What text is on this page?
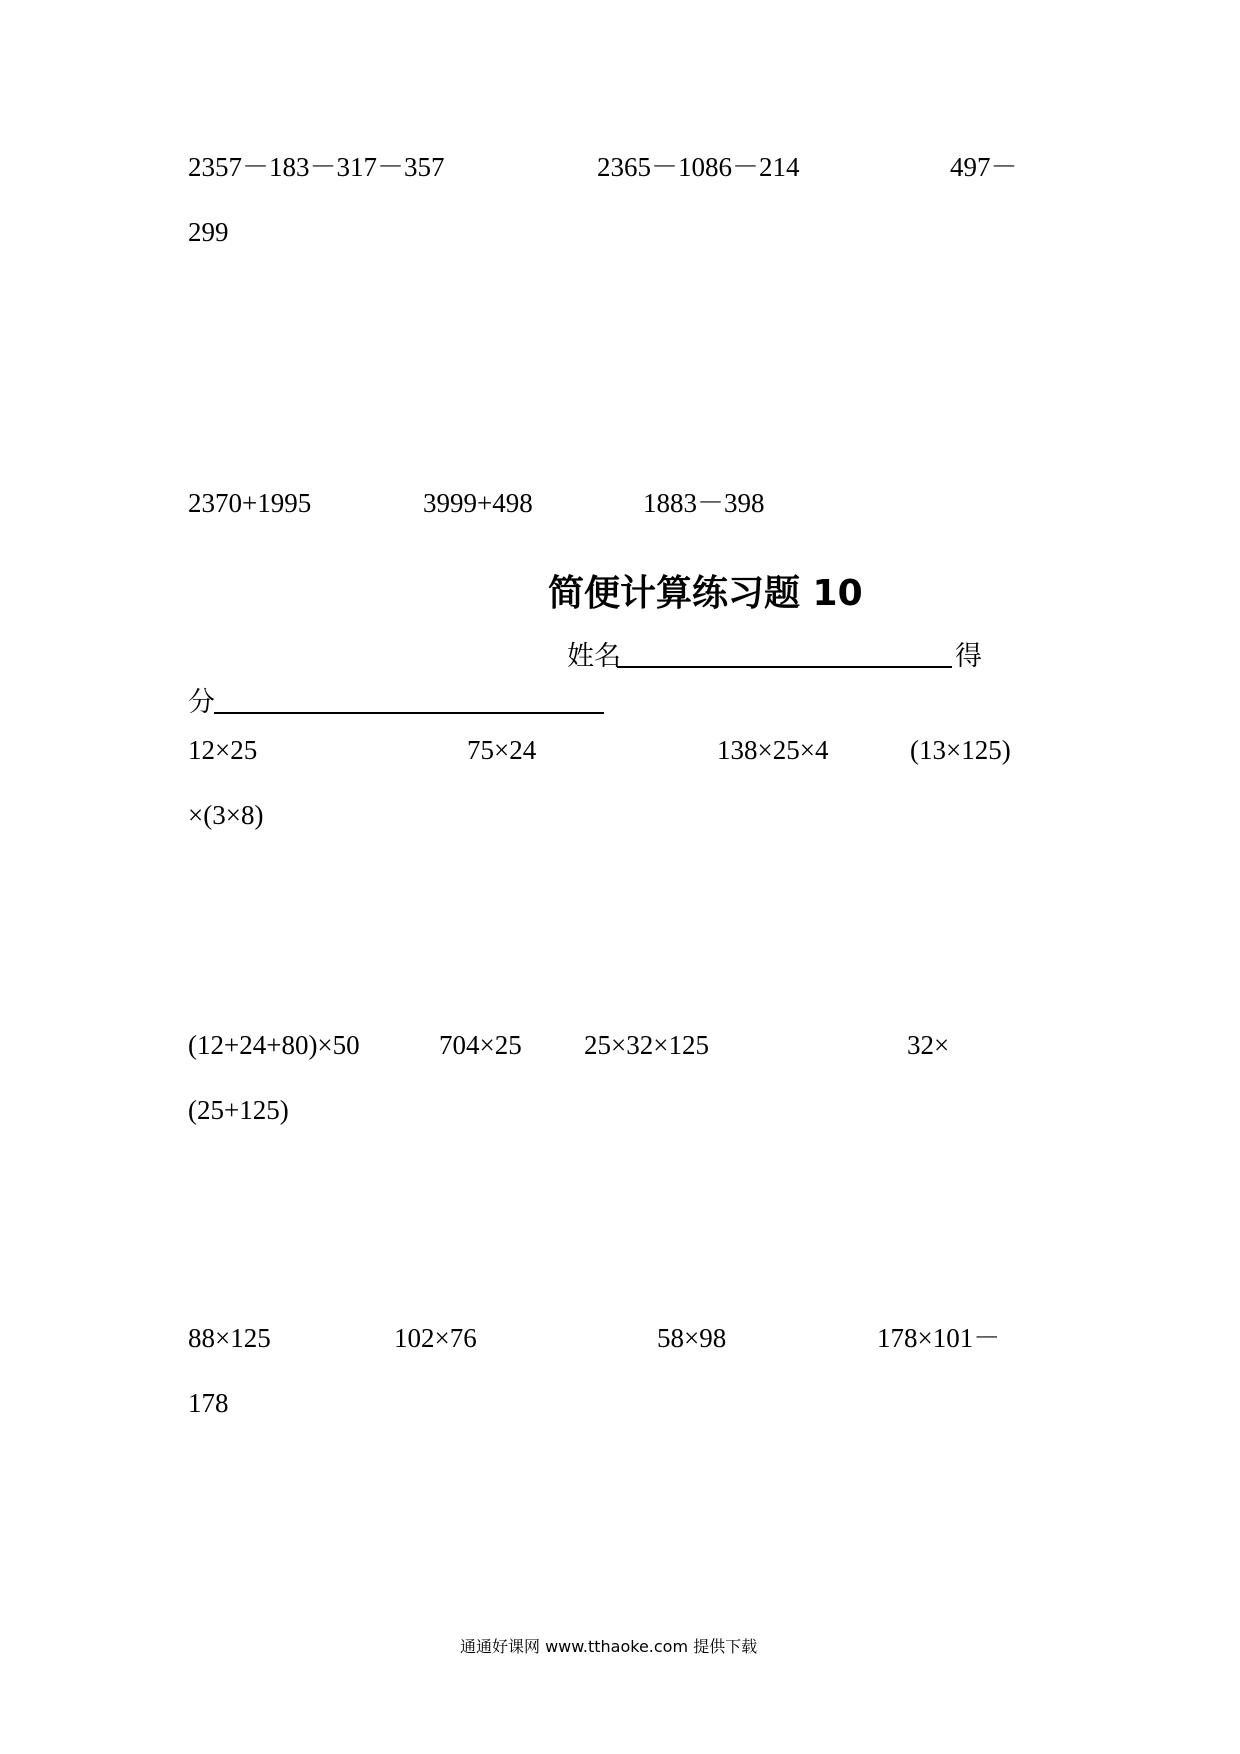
2357－183－317－357	2365－1086－214	497－
299
2370+1995	3999+498	1883－398
简便计算练习题 10
姓名	得
分
12×25	75×24	138×25×4	(13×125)
×(3×8)
(12+24+80)×50	704×25 25×32×125	32×
(25+125)
88×125	102×76	58×98	178×101－
178
通通好课网 www.tthaoke.com 提供下载
